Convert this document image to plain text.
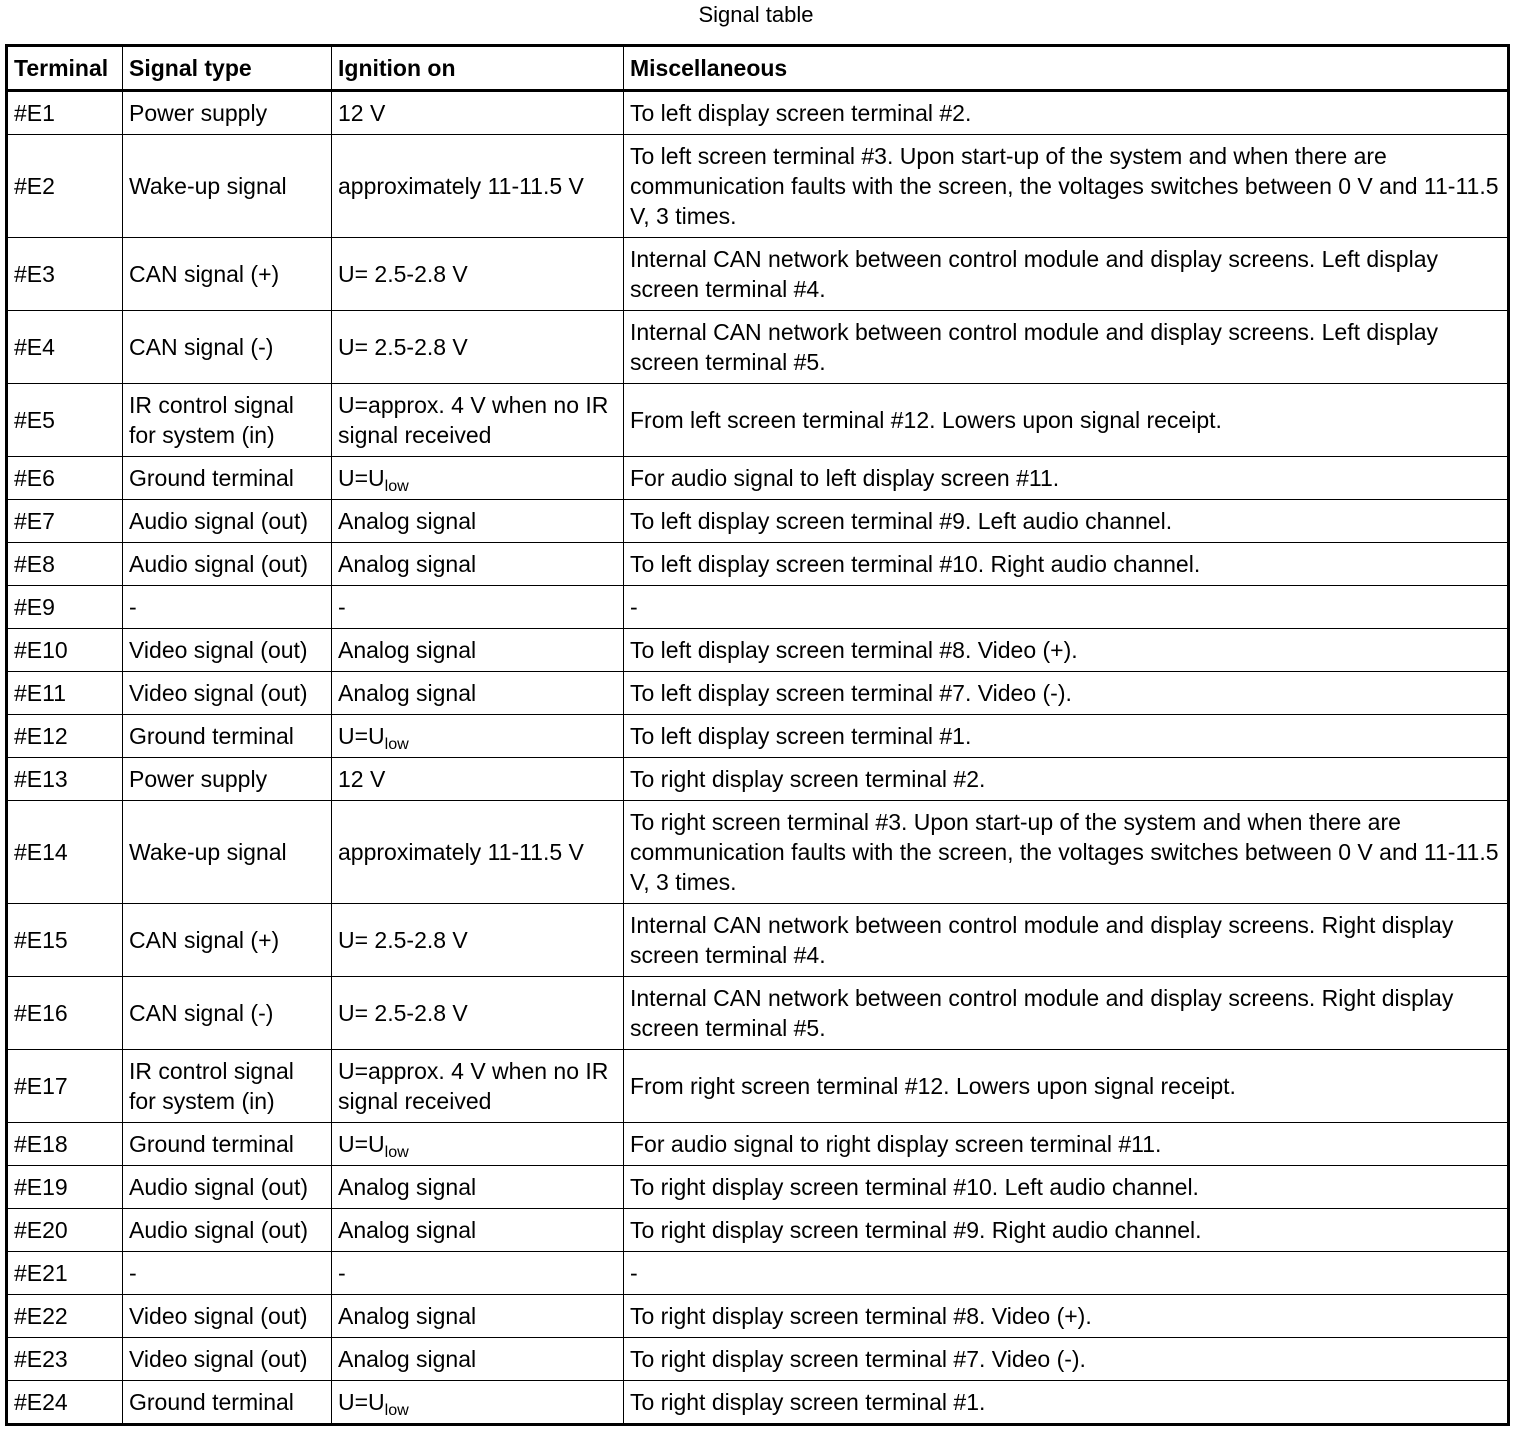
Signal table
Terminal	Signal type	Ignition on	Miscellaneous
#E1	Power supply	12 V	To left display screen terminal #2.
#E2	Wake-up signal	approximately 11-11.5 V	To left screen terminal #3. Upon start-up of the system and when there are communication faults with the screen, the voltages switches between 0 V and 11-11.5 V, 3 times.
#E3	CAN signal (+)	U= 2.5-2.8 V	Internal CAN network between control module and display screens. Left display screen terminal #4.
#E4	CAN signal (-)	U= 2.5-2.8 V	Internal CAN network between control module and display screens. Left display screen terminal #5.
#E5	IR control signal for system (in)	U=approx. 4 V when no IR signal received	From left screen terminal #12. Lowers upon signal receipt.
#E6	Ground terminal	$U=U_{low}$	For audio signal to left display screen #11.
#E7	Audio signal (out)	Analog signal	To left display screen terminal #9. Left audio channel.
#E8	Audio signal (out)	Analog signal	To left display screen terminal #10. Right audio channel.
#E9	-	-	-
#E10	Video signal (out)	Analog signal	To left display screen terminal #8. Video (+).
#E11	Video signal (out)	Analog signal	To left display screen terminal #7. Video (-).
#E12	Ground terminal	$U=U_{low}$	To left display screen terminal #1.
#E13	Power supply	12 V	To right display screen terminal #2.
#E14	Wake-up signal	approximately 11-11.5 V	To right screen terminal #3. Upon start-up of the system and when there are communication faults with the screen, the voltages switches between 0 V and 11-11.5 V, 3 times.
#E15	CAN signal (+)	U= 2.5-2.8 V	Internal CAN network between control module and display screens. Right display screen terminal #4.
#E16	CAN signal (-)	U= 2.5-2.8 V	Internal CAN network between control module and display screens. Right display screen terminal #5.
#E17	IR control signal for system (in)	U=approx. 4 V when no IR signal received	From right screen terminal #12. Lowers upon signal receipt.
#E18	Ground terminal	$U=U_{low}$	For audio signal to right display screen terminal #11.
#E19	Audio signal (out)	Analog signal	To right display screen terminal #10. Left audio channel.
#E20	Audio signal (out)	Analog signal	To right display screen terminal #9. Right audio channel.
#E21	-	-	-
#E22	Video signal (out)	Analog signal	To right display screen terminal #8. Video (+).
#E23	Video signal (out)	Analog signal	To right display screen terminal #7. Video (-).
#E24	Ground terminal	$U=U_{low}$	To right display screen terminal #1.
